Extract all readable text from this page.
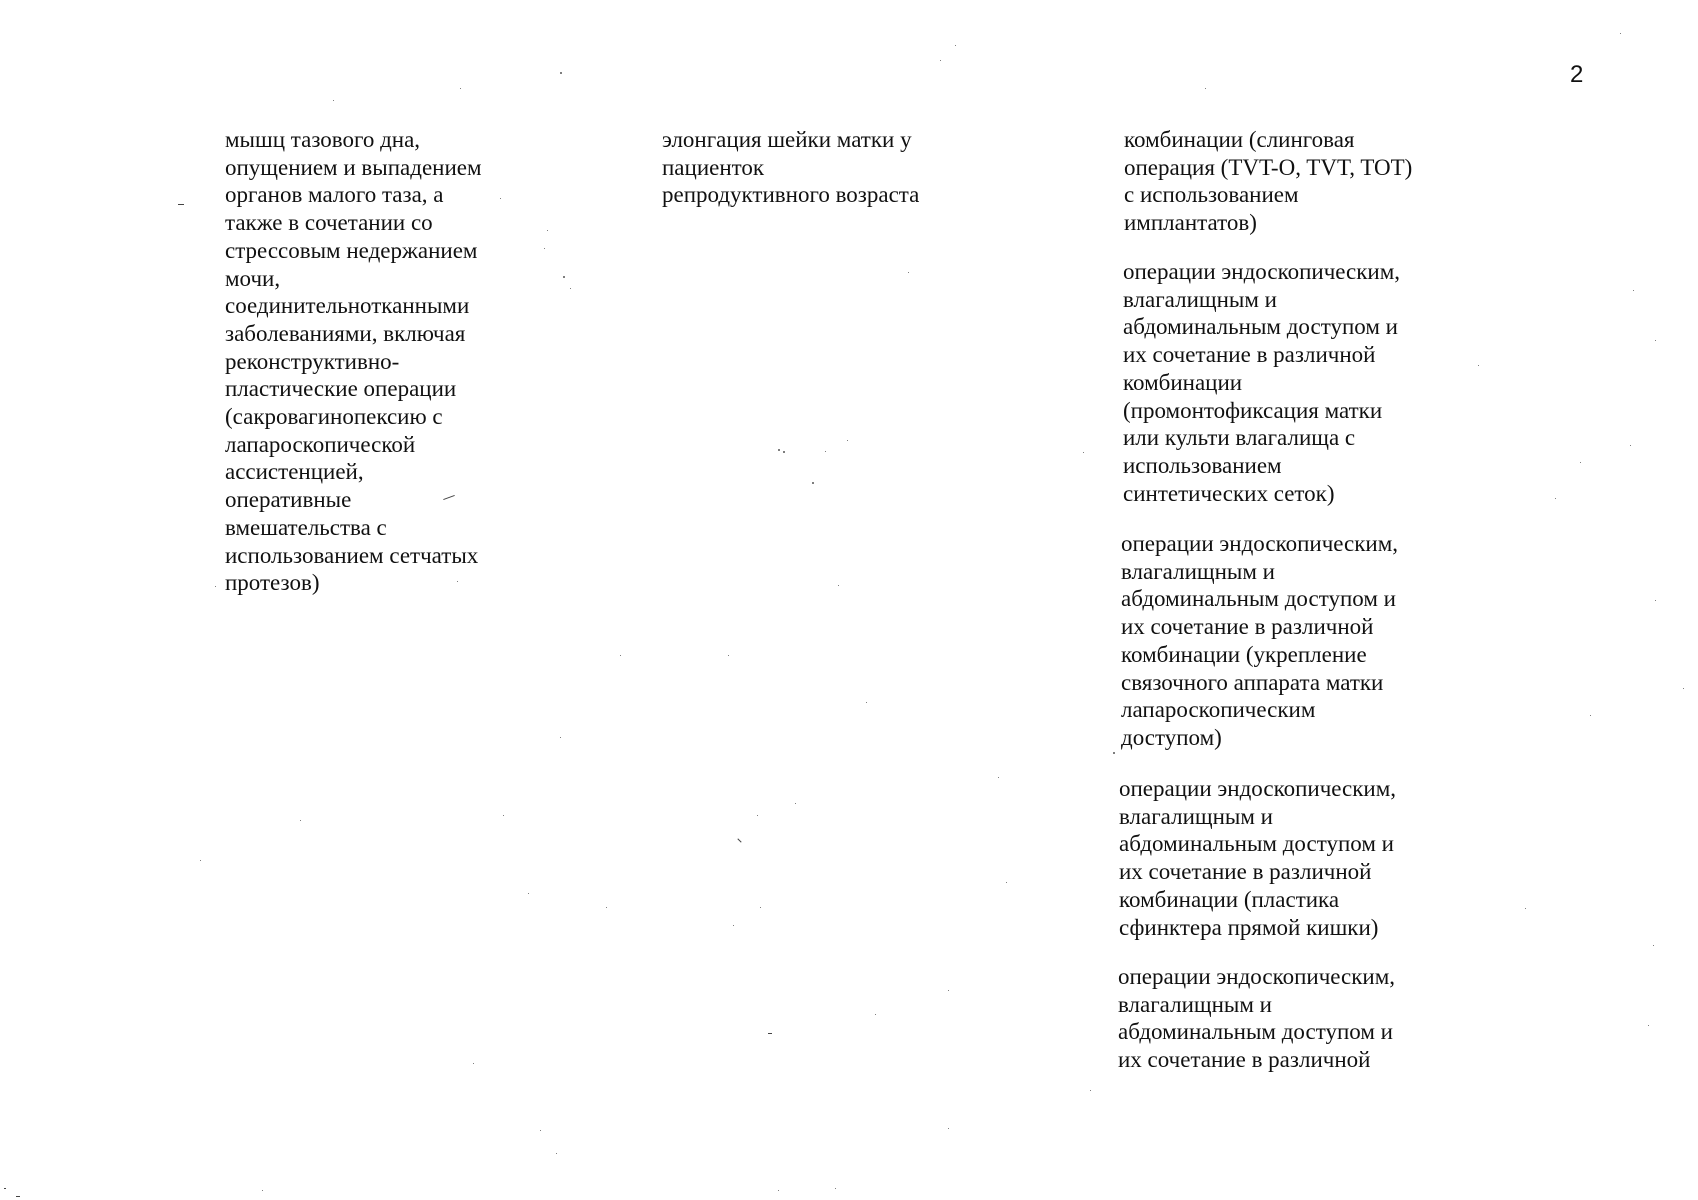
2
мышц тазового дна,
опущением и выпадением
органов малого таза, а
также в сочетании со
стрессовым недержанием
мочи,
соединительнотканными
заболеваниями, включая
реконструктивно-
пластические операции
(сакровагинопексию с
лапароскопической
ассистенцией,
оперативные
вмешательства с
использованием сетчатых
протезов)
элонгация шейки матки у
пациенток
репродуктивного возраста
комбинации (слинговая
операция (TVT-O, TVT, TOT)
с использованием
имплантатов)
операции эндоскопическим,
влагалищным и
абдоминальным доступом и
их сочетание в различной
комбинации
(промонтофиксация матки
или культи влагалища с
использованием
синтетических сеток)
операции эндоскопическим,
влагалищным и
абдоминальным доступом и
их сочетание в различной
комбинации (укрепление
связочного аппарата матки
лапароскопическим
доступом)
операции эндоскопическим,
влагалищным и
абдоминальным доступом и
их сочетание в различной
комбинации (пластика
сфинктера прямой кишки)
операции эндоскопическим,
влагалищным и
абдоминальным доступом и
их сочетание в различной
